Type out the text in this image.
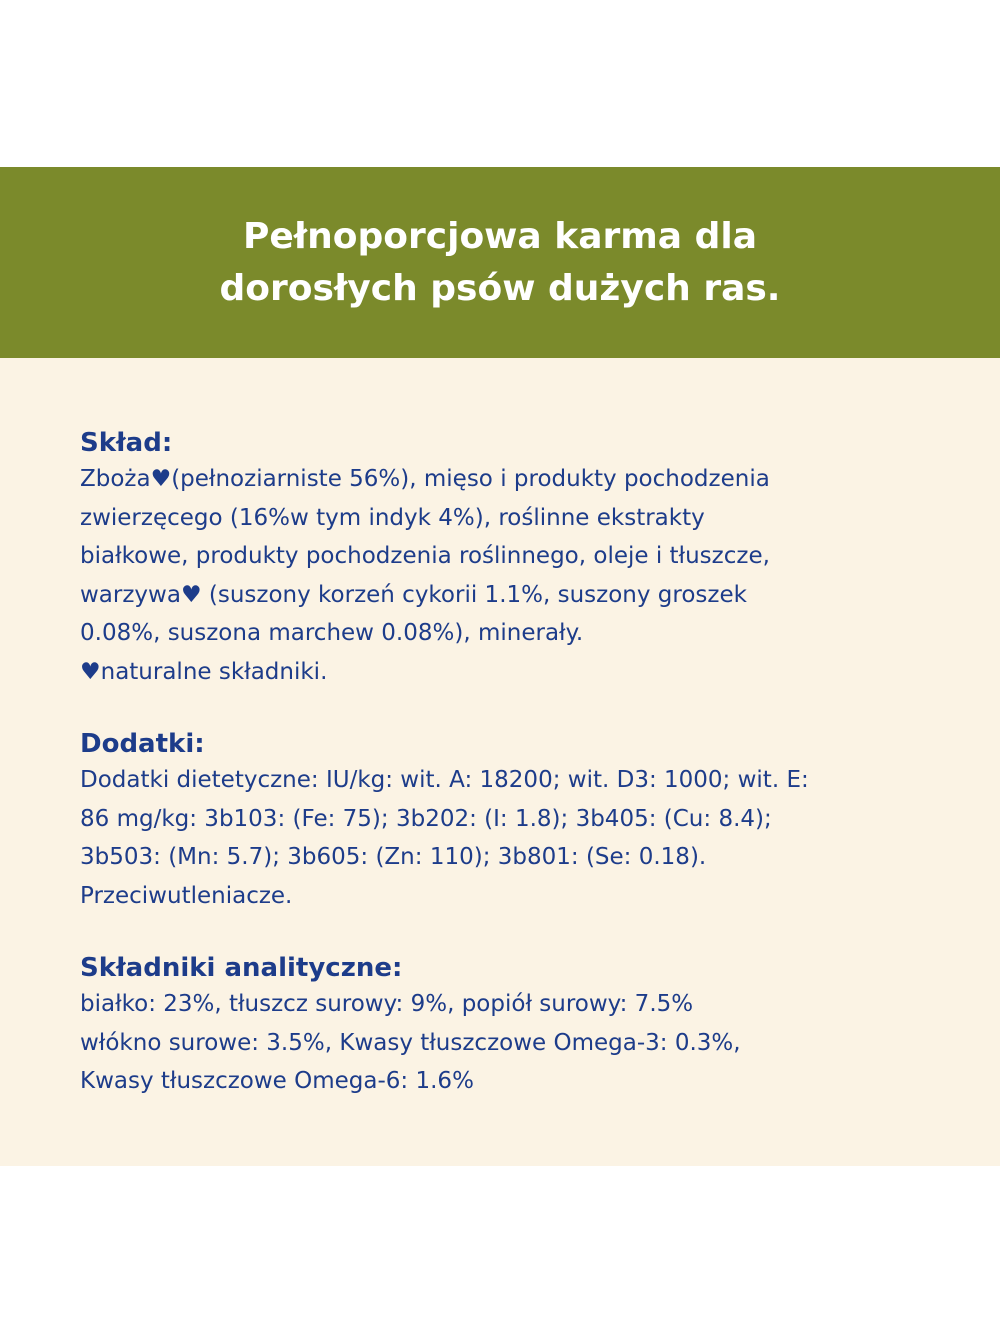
Pełnoporcjowa karma dla
dorosłych psów dużych ras.
Skład:

Zboża♥(pełnoziarniste 56%), mięso i produkty pochodzenia
zwierzęcego (16%w tym indyk 4%), roślinne ekstrakty
białkowe, produkty pochodzenia roślinnego, oleje i tłuszcze,
warzywa♥ (suszony korzeń cykorii 1.1%, suszony groszek
0.08%, suszona marchew 0.08%), minerały.
♥naturalne składniki.

Dodatki:

Dodatki dietetyczne: IU/kg: wit. A: 18200; wit. D3: 1000; wit. E:
86 mg/kg: 3b103: (Fe: 75); 3b202: (I: 1.8); 3b405: (Cu: 8.4);
3b503: (Mn: 5.7); 3b605: (Zn: 110); 3b801: (Se: 0.18).
Przeciwutleniacze.

Składniki analityczne:

białko: 23%, tłuszcz surowy: 9%, popiół surowy: 7.5%
włókno surowe: 3.5%, Kwasy tłuszczowe Omega-3: 0.3%,
Kwasy tłuszczowe Omega-6: 1.6%
